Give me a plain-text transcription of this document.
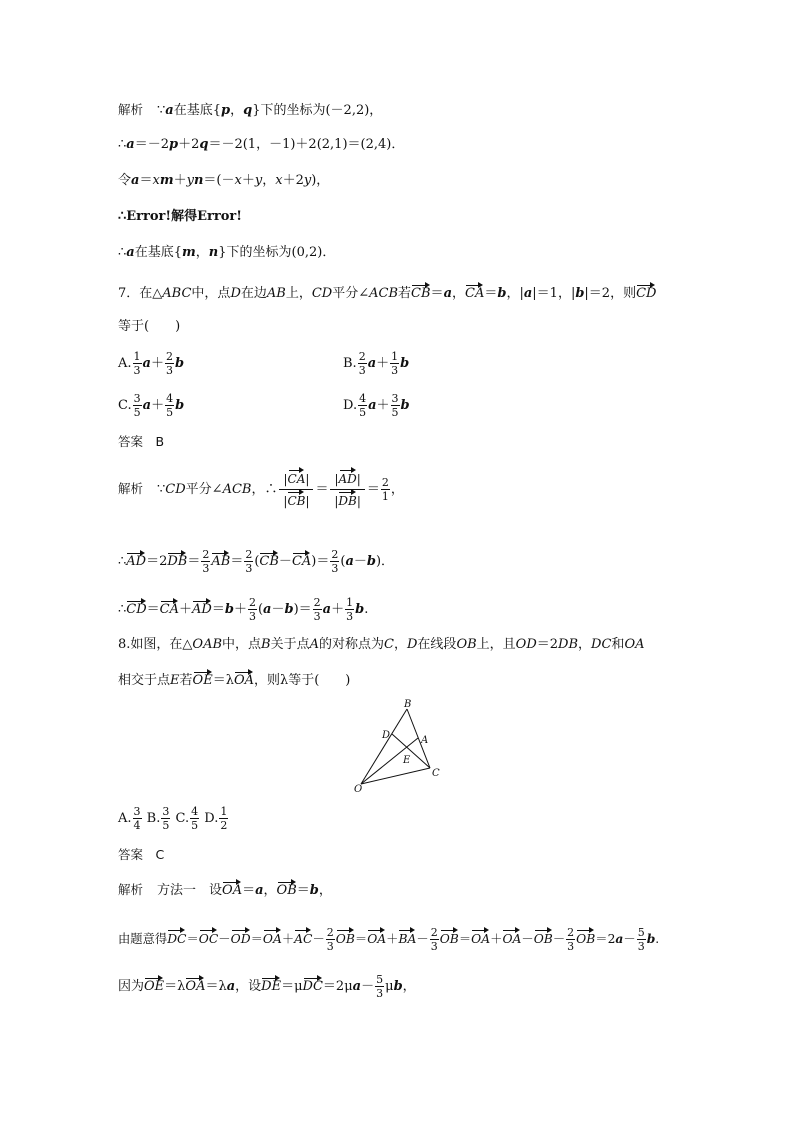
解析 ∵a在基底{p，q}下的坐标为(－2,2)，
∴a＝－2p＋2q＝－2(1，－1)＋2(2,1)＝(2,4)．
令a＝xm＋yn＝(－x＋y，x＋2y)，
∴Error!解得Error!
∴a在基底{m，n}下的坐标为(0,2)．
7．在△ABC中，点D在边AB上，CD平分∠ACB若CB＝a，CA＝b，|a|＝1，|b|＝2，则CD
等于(　　)
A. $\frac{1}{3} a+ \frac{2}{3}$ b	B. $\frac{2}{3} a+ \frac{1}{3}$ b
C. $\frac{3}{5} a+ \frac{4}{5}$ b	D. $\frac{4}{5} a+ \frac{3}{5}$ b
答案　 B
解析 ∵CD平分∠ACB，∴ $\frac{|CA|}{|CB|} = \frac{|AD|}{|DB|} = \frac{2}{1}$ ，
∴AD＝2DB＝ $\frac{2}{3} AB= \frac{2}{3} (CB-CA)= \frac{2}{3} (a-b)$．
∴CD＝CA＋AD＝b＋ $\frac{2}{3} (a-b)= \frac{2}{3} a+ \frac{1}{3} b$.
8.如图，在△OAB中，点B关于点A的对称点为C，D在线段OB上，且OD＝2DB，DC和OA
相交于点E若OE＝λOA，则λ等于(　　)
B
D	A
E
C
O
A. $\frac{3}{4} B$. $\frac{3}{5} C$. $\frac{4}{5} D$. $\frac{1}{2}$
答案　 C
解析 方法一　设OA＝a，OB＝b，
由题意得$DC=OC-OD=OA+AC- \frac{2}{3} OB=OA+BA- \frac{2}{3} OB=OA+OA-OB- \frac{2}{3} OB=2a- \frac{5}{3} b$.
因为OE＝λOA＝λa，设$DE=\mu DC=2\mu a- \frac{5}{3}$ μb，
